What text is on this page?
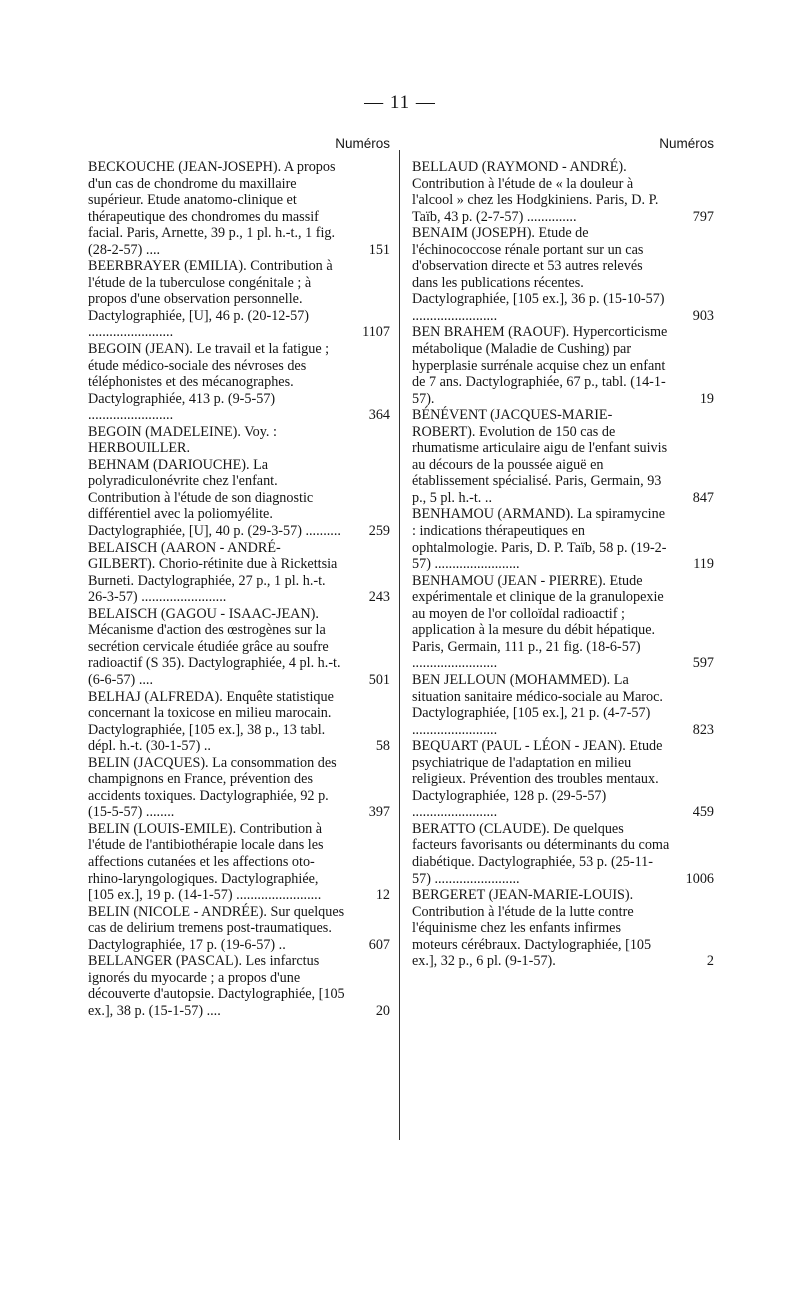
— 11 —
Numéros
BECKOUCHE (JEAN-JOSEPH). A propos d'un cas de chondrome du maxillaire supérieur. Etude anatomo-clinique et thérapeutique des chondromes du massif facial. Paris, Arnette, 39 p., 1 pl. h.-t., 1 fig. (28-2-57) ....	151
BEERBRAYER (EMILIA). Contribution à l'étude de la tuberculose congénitale ; à propos d'une observation personnelle. Dactylographiée, [U], 46 p. (20-12-57) ........................	1107
BEGOIN (JEAN). Le travail et la fatigue ; étude médico-sociale des névroses des téléphonistes et des mécanographes. Dactylographiée, 413 p. (9-5-57) ........................	364
BEGOIN (MADELEINE). Voy. : HERBOUILLER.
BEHNAM (DARIOUCHE). La polyradiculonévrite chez l'enfant. Contribution à l'étude de son diagnostic différentiel avec la poliomyélite. Dactylographiée, [U], 40 p. (29-3-57) .......... 259
BELAISCH (AARON - ANDRÉ-GILBERT). Chorio-rétinite due à Rickettsia Burneti. Dactylographiée, 27 p., 1 pl. h.-t. 26-3-57) ........................	243
BELAISCH (GAGOU - ISAAC-JEAN). Mécanisme d'action des œstrogènes sur la secrétion cervicale étudiée grâce au soufre radioactif (S 35). Dactylographiée, 4 pl. h.-t. (6-6-57) ....	501
BELHAJ (ALFREDA). Enquête statistique concernant la toxicose en milieu marocain. Dactylographiée, [105 ex.], 38 p., 13 tabl. dépl. h.-t. (30-1-57) ..	58
BELIN (JACQUES). La consommation des champignons en France, prévention des accidents toxiques. Dactylographiée, 92 p. (15-5-57) ........	397
BELIN (LOUIS-EMILE). Contribution à l'étude de l'antibiothérapie locale dans les affections cutanées et les affections oto-rhino-laryngologiques. Dactylographiée, [105 ex.], 19 p. (14-1-57) ........................	12
BELIN (NICOLE - ANDRÉE). Sur quelques cas de delirium tremens post-traumatiques. Dactylographiée, 17 p. (19-6-57) ..	607
BELLANGER (PASCAL). Les infarctus ignorés du myocarde ; a propos d'une découverte d'autopsie. Dactylographiée, [105 ex.], 38 p. (15-1-57) ....	20
Numéros
BELLAUD (RAYMOND - ANDRÉ). Contribution à l'étude de « la douleur à l'alcool » chez les Hodgkiniens. Paris, D. P. Taïb, 43 p. (2-7-57) ..............	797
BENAIM (JOSEPH). Etude de l'échinococcose rénale portant sur un cas d'observation directe et 53 autres relevés dans les publications récentes. Dactylographiée, [105 ex.], 36 p. (15-10-57) ........................	903
BEN BRAHEM (RAOUF). Hypercorticisme métabolique (Maladie de Cushing) par hyperplasie surrénale acquise chez un enfant de 7 ans. Dactylographiée, 67 p., tabl. (14-1-57).	19
BÉNÉVENT (JACQUES-MARIE-ROBERT). Evolution de 150 cas de rhumatisme articulaire aigu de l'enfant suivis au décours de la poussée aiguë en établissement spécialisé. Paris, Germain, 93 p., 5 pl. h.-t. ..	847
BENHAMOU (ARMAND). La spiramycine : indications thérapeutiques en ophtalmologie. Paris, D. P. Taïb, 58 p. (19-2-57) ........................	119
BENHAMOU (JEAN - PIERRE). Etude expérimentale et clinique de la granulopexie au moyen de l'or colloïdal radioactif ; application à la mesure du débit hépatique. Paris, Germain, 111 p., 21 fig. (18-6-57) ........................	597
BEN JELLOUN (MOHAMMED). La situation sanitaire médico-sociale au Maroc. Dactylographiée, [105 ex.], 21 p. (4-7-57) ........................	823
BEQUART (PAUL - LÉON - JEAN). Etude psychiatrique de l'adaptation en milieu religieux. Prévention des troubles mentaux. Dactylographiée, 128 p. (29-5-57) ........................	459
BERATTO (CLAUDE). De quelques facteurs favorisants ou déterminants du coma diabétique. Dactylographiée, 53 p. (25-11-57) ........................	1006
BERGERET (JEAN-MARIE-LOUIS). Contribution à l'étude de la lutte contre l'équinisme chez les enfants infirmes moteurs cérébraux. Dactylographiée, [105 ex.], 32 p., 6 pl. (9-1-57).	2
